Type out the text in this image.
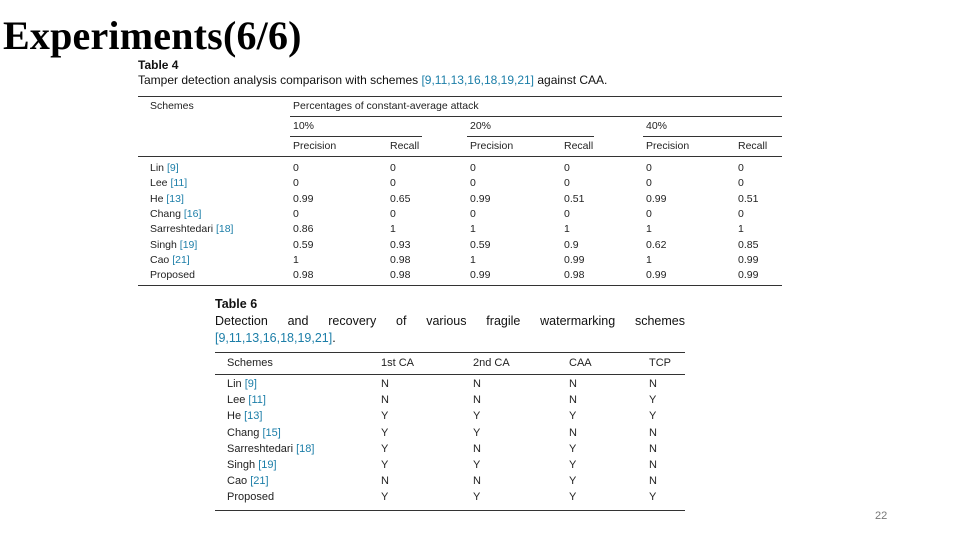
Experiments(6/6)
Table 4
Tamper detection analysis comparison with schemes [9,11,13,16,18,19,21] against CAA.
Schemes	Percentages of constant-average attack
10%	20%	40%
Precision	Recall	Precision	Recall	Precision	Recall
Lin [9]	0	0	0	0	0	0
Lee [11]	0	0	0	0	0	0
He [13]	0.99	0.65	0.99	0.51	0.99	0.51
Chang [16]	0	0	0	0	0	0
Sarreshtedari [18]	0.86	1	1	1	1	1
Singh [19]	0.59	0.93	0.59	0.9	0.62	0.85
Cao [21]	1	0.98	1	0.99	1	0.99
Proposed	0.98	0.98	0.99	0.98	0.99	0.99
Table 6
Detection and recovery of various fragile watermarking schemes
[9,11,13,16,18,19,21].
Schemes	1st CA	2nd CA	CAA	TCP
Lin [9]	N	N	N	N
Lee [11]	N	N	N	Y
He [13]	Y	Y	Y	Y
Chang [15]	Y	Y	N	N
Sarreshtedari [18]	Y	N	Y	N
Singh [19]	Y	Y	Y	N
Cao [21]	N	N	Y	N
Proposed	Y	Y	Y	Y
22
